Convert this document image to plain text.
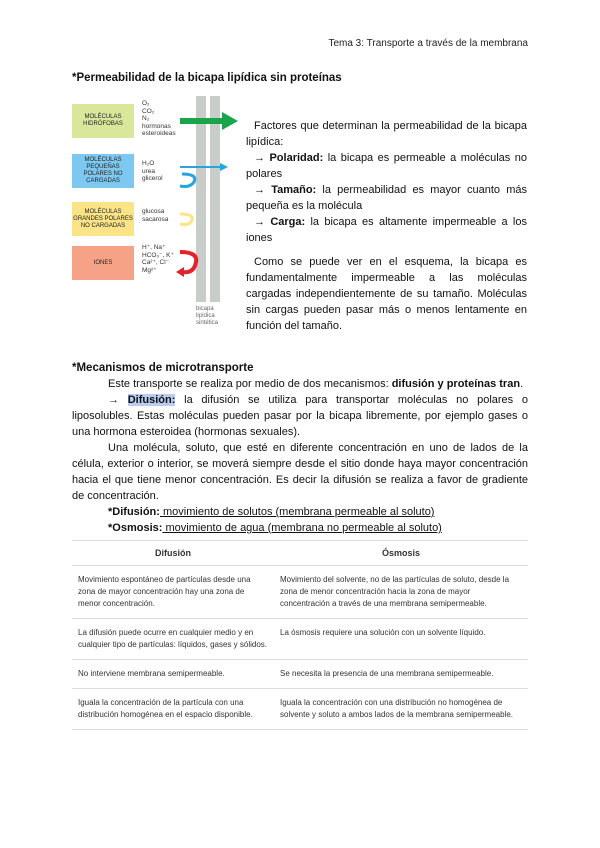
Tema 3: Transporte a través de la membrana
*Permeabilidad de la bicapa lipídica sin proteínas
MOLÉCULAS HIDRÓFOBAS
MOLÉCULAS PEQUEÑAS POLARES NO CARGADAS
MOLÉCULAS GRANDES POLARES NO CARGADAS
IONES
O₂
CO₂
N₂
hormonas
esteroideas
H₂O
urea
glicerol
glucosa
sacarosa
H⁺, Na⁺
HCO₃⁻, K⁺
Ca²⁺, Cl⁻
Mg²⁺
bicapa
lipídica
sintética

Factores que determinan la permeabilidad de la bicapa lipídica:

→ Polaridad: la bicapa es permeable a moléculas no polares

→ Tamaño: la permeabilidad es mayor cuanto más pequeña es la molécula

→ Carga: la bicapa es altamente impermeable a los iones

Como se puede ver en el esquema, la bicapa es fundamentalmente impermeable a las moléculas cargadas independientemente de su tamaño. Moléculas sin cargas pueden pasar más o menos lentamente en función del tamaño.
*Mecanismos de microtransporte

Este transporte se realiza por medio de dos mecanismos: difusión y proteínas tran.

→ Difusión: la difusión se utiliza para transportar moléculas no polares o liposolubles. Estas moléculas pueden pasar por la bicapa libremente, por ejemplo gases o una hormona esteroidea (hormonas sexuales).

Una molécula, soluto, que esté en diferente concentración en uno de lados de la célula, exterior o interior, se moverá siempre desde el sitio donde haya mayor concentración hacia el que tiene menor concentración. Es decir la difusión se realiza a favor de gradiente de concentración.

*Difusión: movimiento de solutos (membrana permeable al soluto)

*Osmosis: movimiento de agua (membrana no permeable al soluto)

Difusión	Ósmosis
Movimiento espontáneo de partículas desde una zona de mayor concentración hay una zona de menor concentración.	Movimiento del solvente, no de las partículas de soluto, desde la zona de menor concentración hacia la zona de mayor concentración a través de una membrana semipermeable.
La difusión puede ocurre en cualquier medio y en cualquier tipo de partículas: líquidos, gases y sólidos.	La ósmosis requiere una solución con un solvente líquido.
No interviene membrana semipermeable.	Se necesita la presencia de una membrana semipermeable.
Iguala la concentración de la partícula con una distribución homogénea en el espacio disponible.	Iguala la concentración con una distribución no homogénea de solvente y soluto a ambos lados de la membrana semipermeable.
